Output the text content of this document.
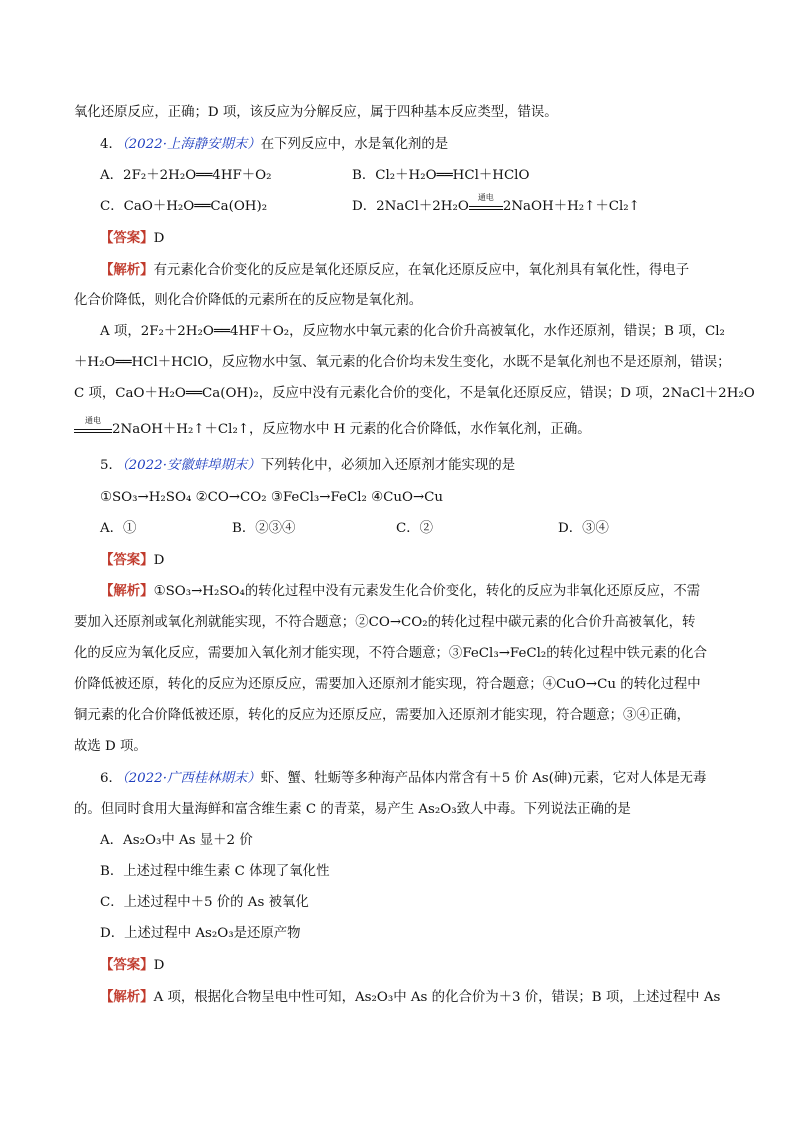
氧化还原反应，正确；D 项，该反应为分解反应，属于四种基本反应类型，错误。
4．（2022·上海静安期末）在下列反应中，水是氧化剂的是
A．2F₂＋2H₂O══4HF＋O₂	B．Cl₂＋H₂O══HCl＋HClO
C．CaO＋H₂O══Ca(OH)₂	D．2NaCl＋2H₂O
通电
2NaOH＋H₂↑＋Cl₂↑
【答案】D
【解析】有元素化合价变化的反应是氧化还原反应，在氧化还原反应中，氧化剂具有氧化性，得电子
化合价降低，则化合价降低的元素所在的反应物是氧化剂。
A 项，2F₂＋2H₂O══4HF＋O₂，反应物水中氧元素的化合价升高被氧化，水作还原剂，错误；B 项，Cl₂
＋H₂O══HCl＋HClO，反应物水中氢、氧元素的化合价均未发生变化，水既不是氧化剂也不是还原剂，错误；
C 项，CaO＋H₂O══Ca(OH)₂，反应中没有元素化合价的变化，不是氧化还原反应，错误；D 项，2NaCl＋2H₂O
通电
2NaOH＋H₂↑＋Cl₂↑，反应物水中 H 元素的化合价降低，水作氧化剂，正确。
5．（2022·安徽蚌埠期末）下列转化中，必须加入还原剂才能实现的是
①SO₃→H₂SO₄ ②CO→CO₂ ③FeCl₃→FeCl₂ ④CuO→Cu
A．①	B．②③④	C．②	D．③④
【答案】D
【解析】①SO₃→H₂SO₄的转化过程中没有元素发生化合价变化，转化的反应为非氧化还原反应，不需
要加入还原剂或氧化剂就能实现，不符合题意；②CO→CO₂的转化过程中碳元素的化合价升高被氧化，转
化的反应为氧化反应，需要加入氧化剂才能实现，不符合题意；③FeCl₃→FeCl₂的转化过程中铁元素的化合
价降低被还原，转化的反应为还原反应，需要加入还原剂才能实现，符合题意；④CuO→Cu 的转化过程中
铜元素的化合价降低被还原，转化的反应为还原反应，需要加入还原剂才能实现，符合题意；③④正确，
故选 D 项。
6．（2022·广西桂林期末）虾、蟹、牡蛎等多种海产品体内常含有＋5 价 As(砷)元素，它对人体是无毒
的。但同时食用大量海鲜和富含维生素 C 的青菜，易产生 As₂O₃致人中毒。下列说法正确的是
A．As₂O₃中 As 显＋2 价
B．上述过程中维生素 C 体现了氧化性
C．上述过程中＋5 价的 As 被氧化
D．上述过程中 As₂O₃是还原产物
【答案】D
【解析】A 项，根据化合物呈电中性可知，As₂O₃中 As 的化合价为＋3 价，错误；B 项，上述过程中 As
